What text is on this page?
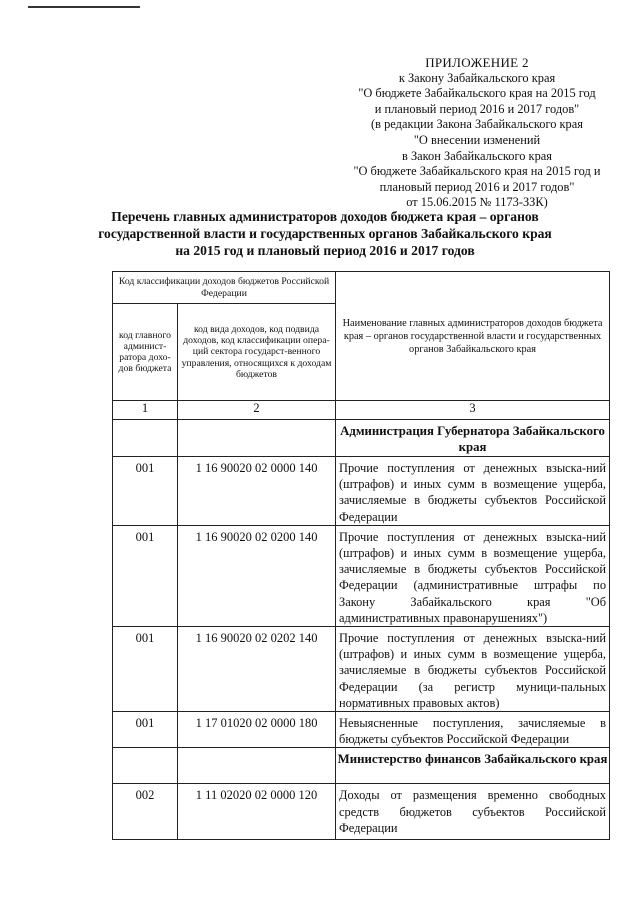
ПРИЛОЖЕНИЕ 2
к Закону Забайкальского края
"О бюджете Забайкальского края на 2015 год
и плановый период 2016 и 2017 годов"
(в редакции Закона Забайкальского края
"О внесении изменений
в Закон Забайкальского края
"О бюджете Забайкальского края на 2015 год и
плановый период 2016 и 2017 годов"
от 15.06.2015 № 1173-ЗЗК)
Перечень главных администраторов доходов бюджета края – органов
государственной власти и государственных органов Забайкальского края
на 2015 год и плановый период 2016 и 2017 годов
Код классификации доходов бюджетов Российской Федерации		Наименование главных администраторов доходов бюджета края – органов государственной власти и государственных органов Забайкальского края
код главного админист-ратора дохо-дов бюджета	код вида доходов, код подвида доходов, код классификации опера-ций сектора государст-венного управления, относящихся к доходам бюджетов	
1	2	3
		Администрация Губернатора Забайкальского края
001	1 16 90020 02 0000 140	Прочие поступления от денежных взыска-ний (штрафов) и иных сумм в возмещение ущерба, зачисляемые в бюджеты субъектов Российской Федерации
001	1 16 90020 02 0200 140	Прочие поступления от денежных взыска-ний (штрафов) и иных сумм в возмещение ущерба, зачисляемые в бюджеты субъектов Российской Федерации (административные штрафы по Закону Забайкальского края "Об административных правонарушениях")
001	1 16 90020 02 0202 140	Прочие поступления от денежных взыска-ний (штрафов) и иных сумм в возмещение ущерба, зачисляемые в бюджеты субъектов Российской Федерации (за регистр муници-пальных нормативных правовых актов)
001	1 17 01020 02 0000 180	Невыясненные поступления, зачисляемые в бюджеты субъектов Российской Федерации
		Министерство финансов Забайкальского края
002	1 11 02020 02 0000 120	Доходы от размещения временно свободных средств бюджетов субъектов Российской Федерации
